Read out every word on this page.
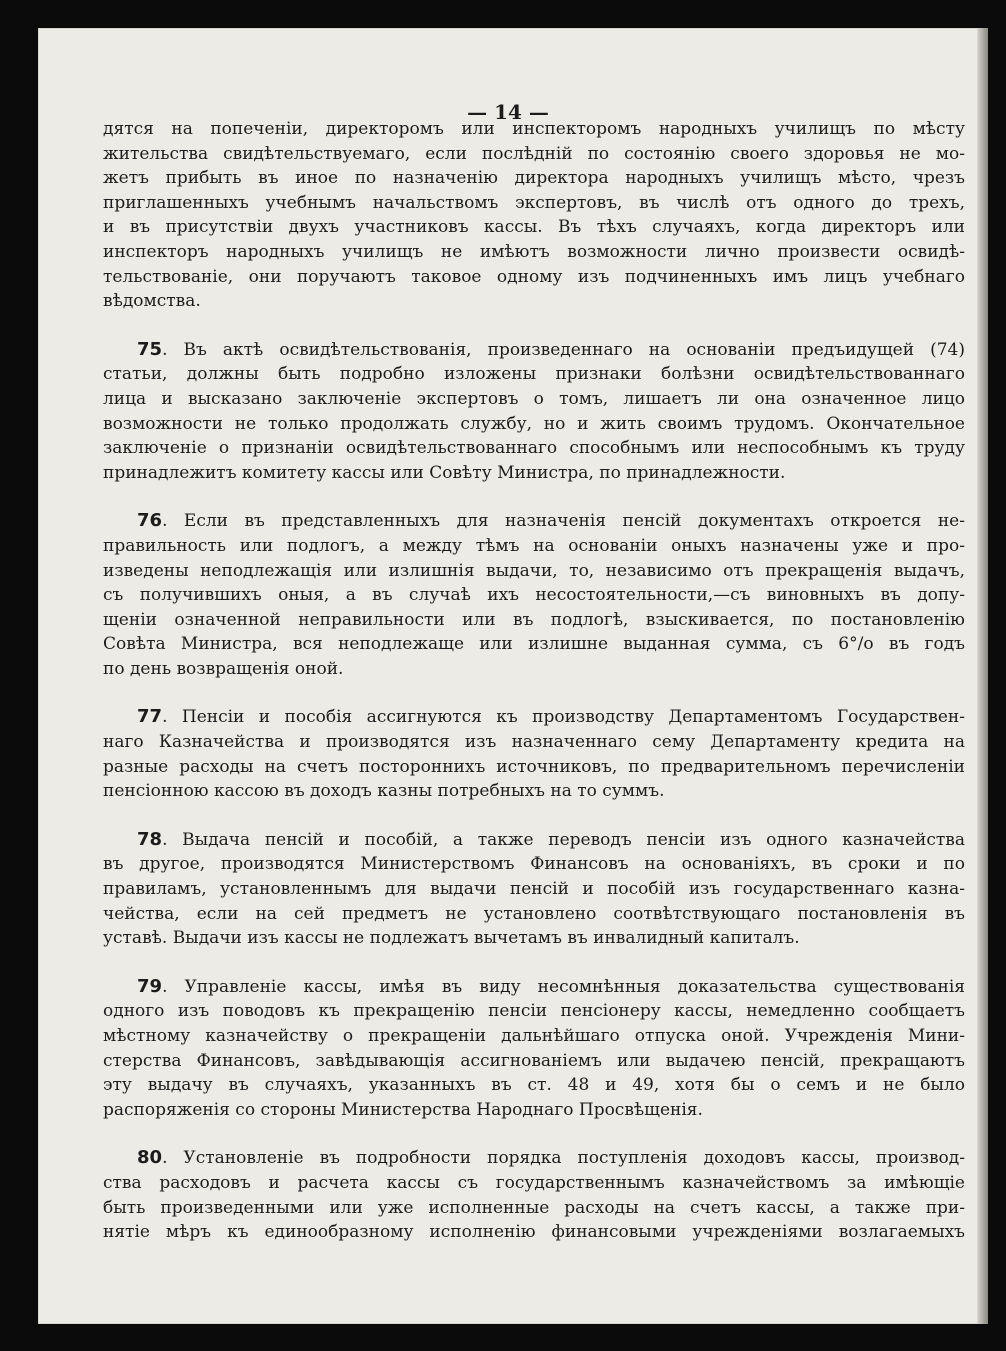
— 14 —
дятся на попеченіи, директоромъ или инспекторомъ народныхъ училищъ по мѣсту
жительства свидѣтельствуемаго, если послѣдній по состоянію своего здоровья не мо-
жетъ прибыть въ иное по назначенію директора народныхъ училищъ мѣсто, чрезъ
приглашенныхъ учебнымъ начальствомъ экспертовъ, въ числѣ отъ одного до трехъ,
и въ присутствіи двухъ участниковъ кассы. Въ тѣхъ случаяхъ, когда директоръ или
инспекторъ народныхъ училищъ не имѣютъ возможности лично произвести освидѣ-
тельствованіе, они поручаютъ таковое одному изъ подчиненныхъ имъ лицъ учебнаго
вѣдомства.
  75. Въ актѣ освидѣтельствованія, произведеннаго на основаніи предъидущей (74)
статьи, должны быть подробно изложены признаки болѣзни освидѣтельствованнаго
лица и высказано заключеніе экспертовъ о томъ, лишаетъ ли она означенное лицо
возможности не только продолжать службу, но и жить своимъ трудомъ. Окончательное
заключеніе о признаніи освидѣтельствованнаго способнымъ или неспособнымъ къ труду
принадлежитъ комитету кассы или Совѣту Министра, по принадлежности.
  76. Если въ представленныхъ для назначенія пенсій документахъ откроется не-
правильность или подлогъ, а между тѣмъ на основаніи оныхъ назначены уже и про-
изведены неподлежащія или излишнія выдачи, то, независимо отъ прекращенія выдачъ,
съ получившихъ оныя, а въ случаѣ ихъ несостоятельности,—съ виновныхъ въ допу-
щеніи означенной неправильности или въ подлогѣ, взыскивается, по постановленію
Совѣта Министра, вся неподлежаще или излишне выданная сумма, съ 6°/о въ годъ
по день возвращенія оной.
  77. Пенсіи и пособія ассигнуются къ производству Департаментомъ Государствен-
наго Казначейства и производятся изъ назначеннаго сему Департаменту кредита на
разные расходы на счетъ постороннихъ источниковъ, по предварительномъ перечисленіи
пенсіонною кассою въ доходъ казны потребныхъ на то суммъ.
  78. Выдача пенсій и пособій, а также переводъ пенсіи изъ одного казначейства
въ другое, производятся Министерствомъ Финансовъ на основаніяхъ, въ сроки и по
правиламъ, установленнымъ для выдачи пенсій и пособій изъ государственнаго казна-
чейства, если на сей предметъ не установлено соотвѣтствующаго постановленія въ
уставѣ. Выдачи изъ кассы не подлежатъ вычетамъ въ инвалидный капиталъ.
  79. Управленіе кассы, имѣя въ виду несомнѣнныя доказательства существованія
одного изъ поводовъ къ прекращенію пенсіи пенсіонеру кассы, немедленно сообщаетъ
мѣстному казначейству о прекращеніи дальнѣйшаго отпуска оной. Учрежденія Мини-
стерства Финансовъ, завѣдывающія ассигнованіемъ или выдачею пенсій, прекращаютъ
эту выдачу въ случаяхъ, указанныхъ въ ст. 48 и 49, хотя бы о семъ и не было
распоряженія со стороны Министерства Народнаго Просвѣщенія.
  80. Установленіе въ подробности порядка поступленія доходовъ кассы, производ-
ства расходовъ и расчета кассы съ государственнымъ казначействомъ за имѣющіе
быть произведенными или уже исполненные расходы на счетъ кассы, а также при-
нятіе мѣръ къ единообразному исполненію финансовыми учрежденіями возлагаемыхъ
